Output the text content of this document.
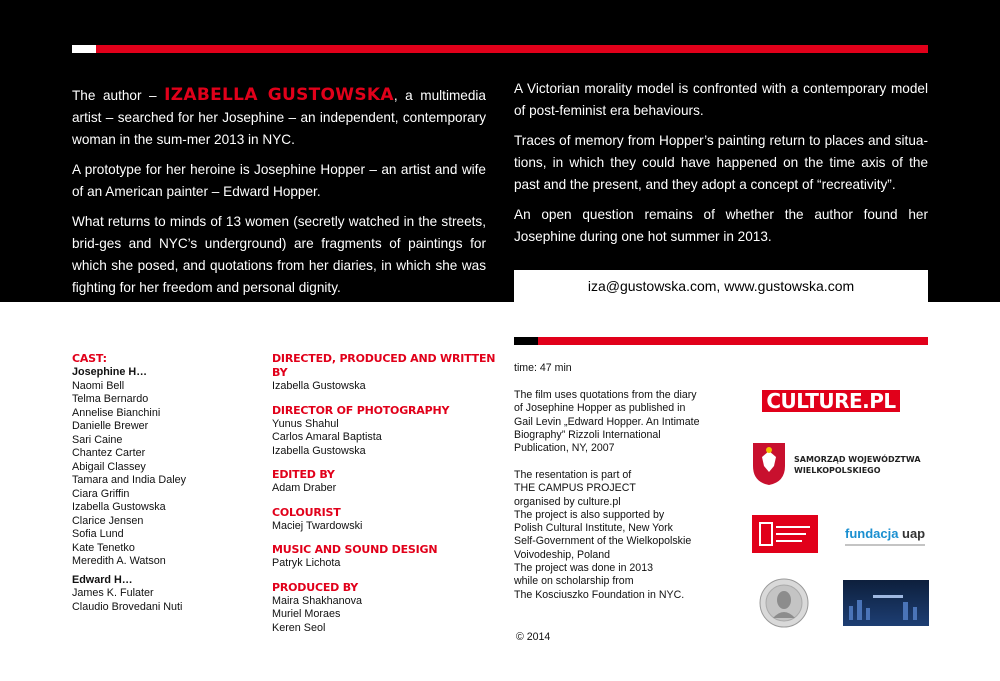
The author – IZABELLA GUSTOWSKA, a multimedia artist – searched for her Josephine – an independent, contemporary woman in the sum-mer 2013 in NYC.

A prototype for her heroine is Josephine Hopper – an artist and wife of an American painter – Edward Hopper.

What returns to minds of 13 women (secretly watched in the streets, brid-ges and NYC’s underground) are fragments of paintings for which she posed, and quotations from her diaries, in which she was fighting for her freedom and personal dignity.

A Victorian morality model is confronted with a contemporary model of post-feminist era behaviours.

Traces of memory from Hopper’s painting return to places and situa-tions, in which they could have happened on the time axis of the past and the present, and they adopt a concept of “recreativity”.

An open question remains of whether the author found her Josephine during one hot summer in 2013.

iza@gustowska.com, www.gustowska.com
CAST:
Josephine H…
Naomi Bell
Telma Bernardo
Annelise Bianchini
Danielle Brewer
Sari Caine
Chantez Carter
Abigail Classey
Tamara and India Daley
Ciara Griffin
Izabella Gustowska
Clarice Jensen
Sofia Lund
Kate Tenetko
Meredith A. Watson
Edward H…
James K. Fulater
Claudio Brovedani Nuti
DIRECTED, PRODUCED AND WRITTEN BY
Izabella Gustowska
DIRECTOR OF PHOTOGRAPHY
Yunus Shahul
Carlos Amaral Baptista
Izabella Gustowska
EDITED BY
Adam Draber
COLOURIST
Maciej Twardowski
MUSIC AND SOUND DESIGN
Patryk Lichota
PRODUCED BY
Maira Shakhanova
Muriel Moraes
Keren Seol
time: 47 min
The film uses quotations from the diary
of Josephine Hopper as published in
Gail Levin „Edward Hopper. An Intimate
Biography” Rizzoli International
Publication, NY, 2007
The resentation is part of
THE CAMPUS PROJECT
organised by culture.pl
The project is also supported by
Polish Cultural Institute, New York
Self-Government of the Wielkopolskie
Voivodeship, Poland
The project was done in 2013
while on scholarship from
The Kosciuszko Foundation in NYC.
© 2014
CULTURE.PL
SAMORZĄD WOJEWÓDZTWA
WIELKOPOLSKIEGO
fundacja uap
